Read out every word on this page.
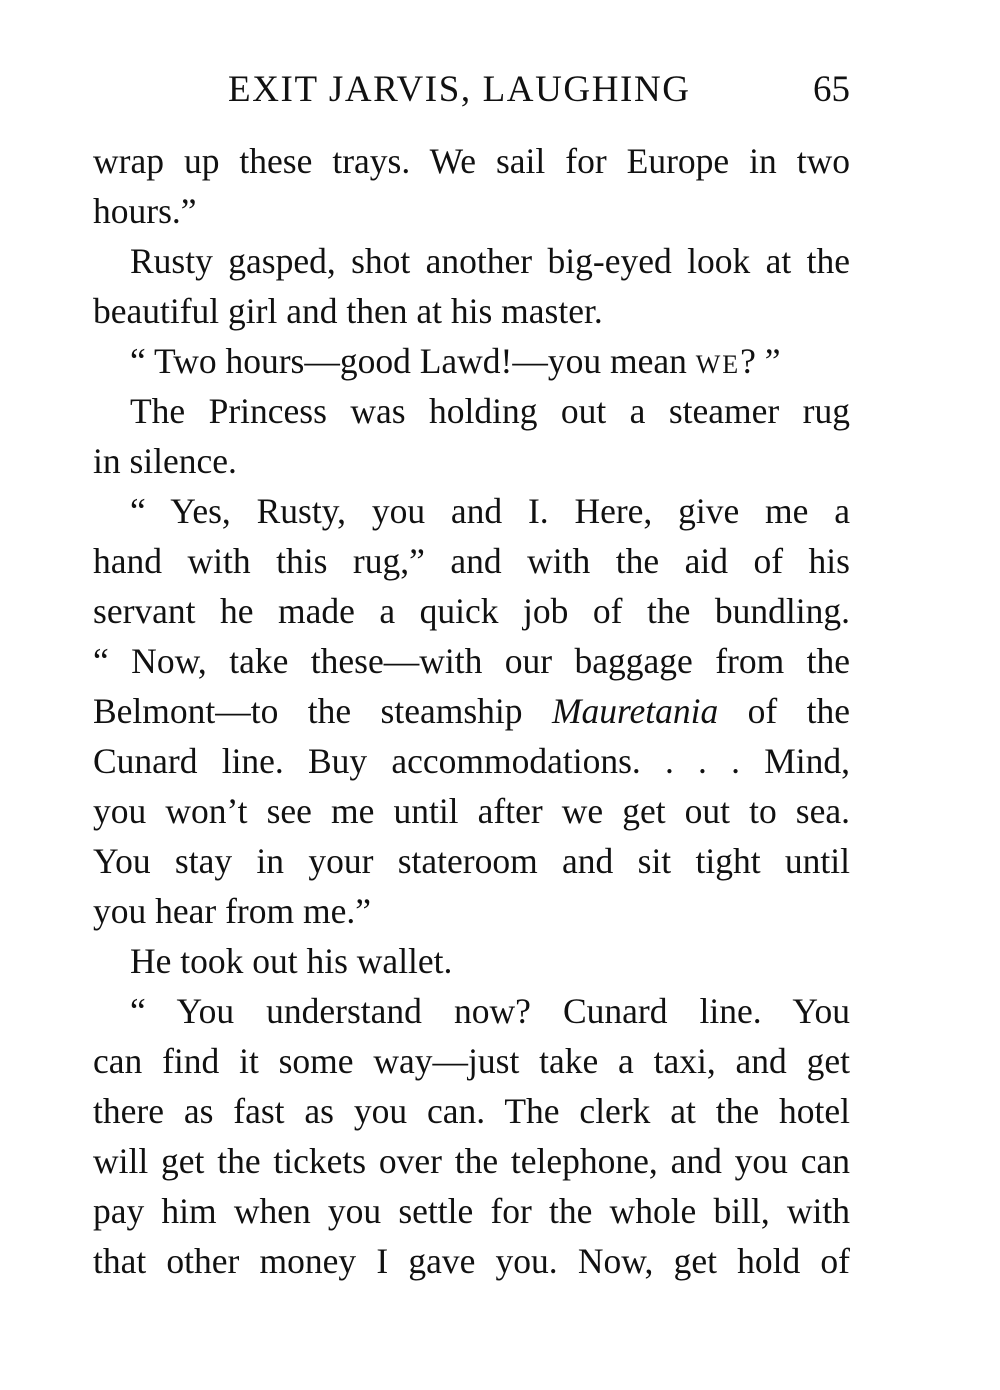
EXIT JARVIS, LAUGHING	65
wrap up these trays. We sail for Europe in two
hours.”
Rusty gasped, shot another big-eyed look at the
beautiful girl and then at his master.
“ Two hours—good Lawd!—you mean WE? ”
The Princess was holding out a steamer rug
in silence.
“ Yes, Rusty, you and I. Here, give me a
hand with this rug,” and with the aid of his
servant he made a quick job of the bundling.
“ Now, take these—with our baggage from the
Belmont—to the steamship Mauretania of the
Cunard line. Buy accommodations. . . . Mind,
you won’t see me until after we get out to sea.
You stay in your stateroom and sit tight until
you hear from me.”
He took out his wallet.
“ You understand now? Cunard line. You
can find it some way—just take a taxi, and get
there as fast as you can. The clerk at the hotel
will get the tickets over the telephone, and you can
pay him when you settle for the whole bill, with
that other money I gave you. Now, get hold of
